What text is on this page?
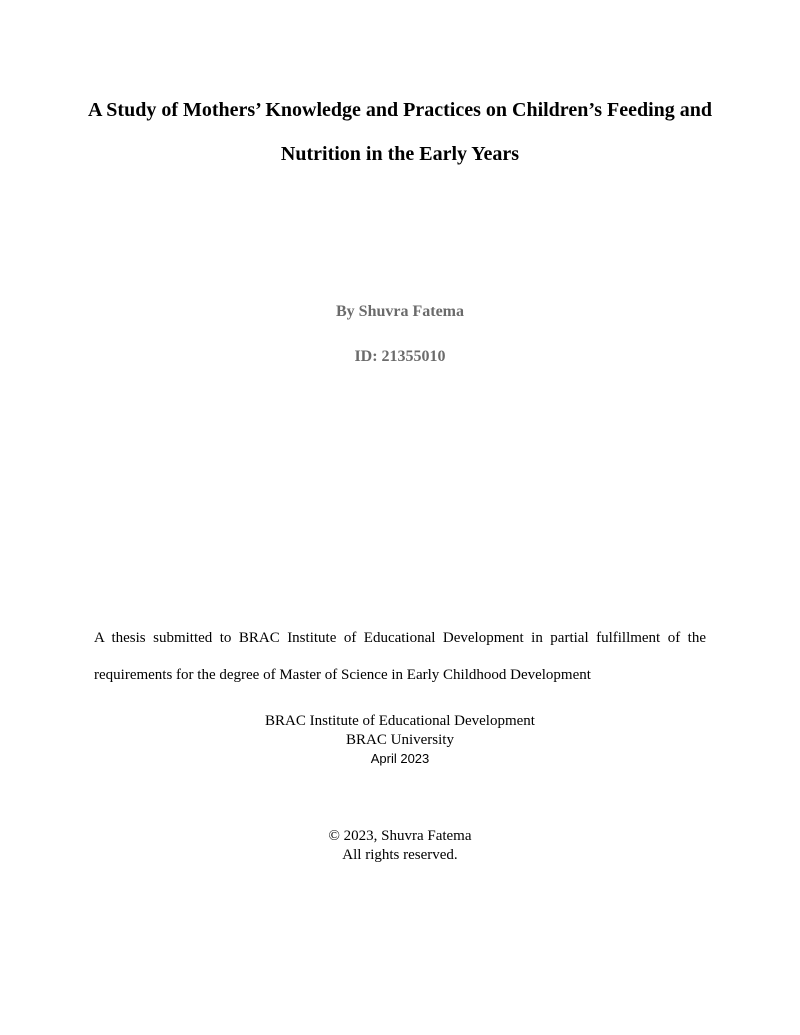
A Study of Mothers’ Knowledge and Practices on Children’s Feeding and
Nutrition in the Early Years
By Shuvra Fatema
ID: 21355010
A thesis submitted to BRAC Institute of Educational Development in partial fulfillment of the
requirements for the degree of Master of Science in Early Childhood Development
BRAC Institute of Educational Development
BRAC University
April 2023
© 2023, Shuvra Fatema
All rights reserved.
